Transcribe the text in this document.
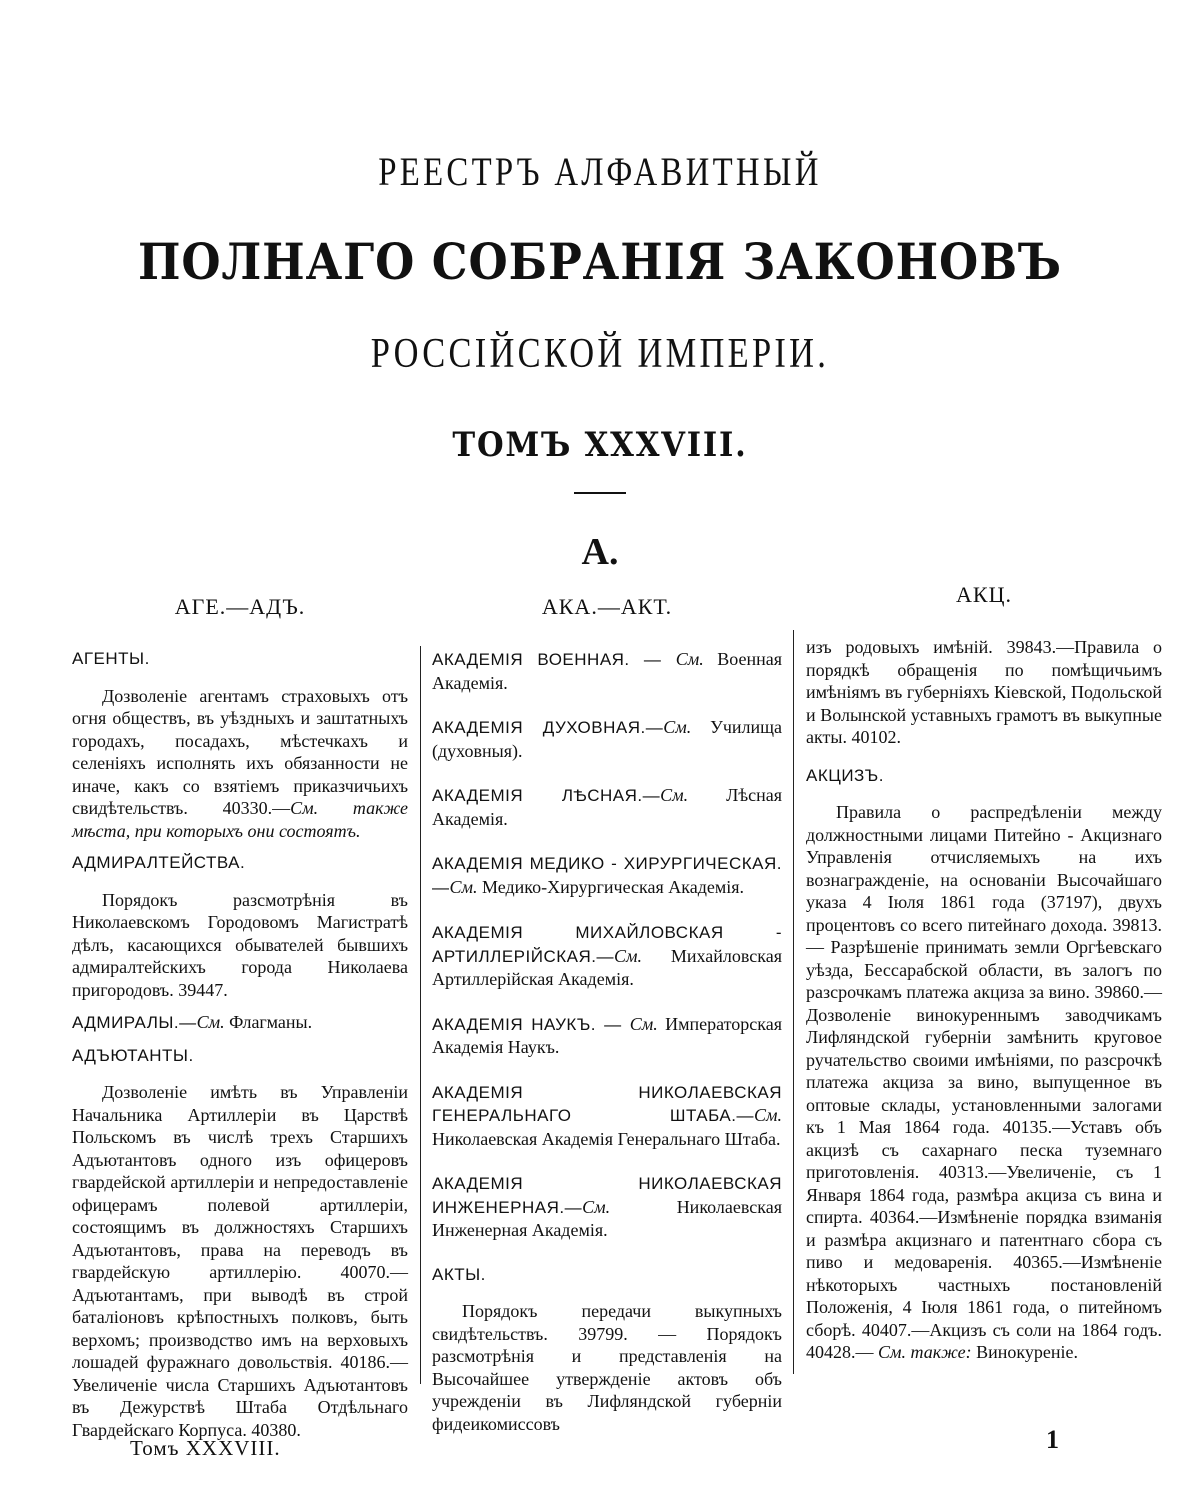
РЕЕСТРЪ АЛФАВИТНЫЙ
ПОЛНАГО СОБРАНІЯ ЗАКОНОВЪ
РОССІЙСКОЙ ИМПЕРІИ.
ТОМЪ XXXVIII.
А.
АГЕ.—АДЪ.	АКА.—АКТ.	АКЦ.
АГЕНТЫ.

Дозволеніе агентамъ страховыхъ отъ огня обществъ, въ уѣздныхъ и заштатныхъ городахъ, посадахъ, мѣстечкахъ и селеніяхъ исполнять ихъ обязанности не иначе, какъ со взятіемъ приказчичьихъ свидѣтельствъ. 40330.—См. также мѣста, при которыхъ они состоятъ.

АДМИРАЛТЕЙСТВА.

Порядокъ разсмотрѣнія въ Николаевскомъ Городовомъ Магистратѣ дѣлъ, касающихся обывателей бывшихъ адмиралтейскихъ города Николаева пригородовъ. 39447.

АДМИРАЛЫ.—См. Флагманы.

АДЪЮТАНТЫ.

Дозволеніе имѣть въ Управленіи Начальника Артиллеріи въ Царствѣ Польскомъ въ числѣ трехъ Старшихъ Адъютантовъ одного изъ офицеровъ гвардейской артиллеріи и непредоставленіе офицерамъ полевой артиллеріи, состоящимъ въ должностяхъ Старшихъ Адъютантовъ, права на переводъ въ гвардейскую артиллерію. 40070.—Адъютантамъ, при выводѣ въ строй баталіоновъ крѣпостныхъ полковъ, быть верхомъ; производство имъ на верховыхъ лошадей фуражнаго довольствія. 40186.—Увеличеніе числа Старшихъ Адъютантовъ въ Дежурствѣ Штаба Отдѣльнаго Гвардейскаго Корпуса. 40380.

АКАДЕМІЯ ВОЕННАЯ. — См. Военная Академія.
АКАДЕМІЯ ДУХОВНАЯ.—См. Училища (духовныя).
АКАДЕМІЯ ЛѢСНАЯ.—См. Лѣсная Академія.
АКАДЕМІЯ МЕДИКО - ХИРУРГИЧЕСКАЯ.—См. Медико-Хирургическая Академія.
АКАДЕМІЯ МИХАЙЛОВСКАЯ - АРТИЛЛЕРІЙСКАЯ.—См. Михайловская Артиллерійская Академія.
АКАДЕМІЯ НАУКЪ. — См. Императорская Академія Наукъ.
АКАДЕМІЯ НИКОЛАЕВСКАЯ ГЕНЕРАЛЬНАГО ШТАБА.—См. Николаевская Академія Генеральнаго Штаба.
АКАДЕМІЯ НИКОЛАЕВСКАЯ ИНЖЕНЕРНАЯ.—См. Николаевская Инженерная Академія.
АКТЫ.

Порядокъ передачи выкупныхъ свидѣтельствъ. 39799. — Порядокъ разсмотрѣнія и представленія на Высочайшее утвержденіе актовъ объ учрежденіи въ Лифляндской губерніи фидеикомиссовъ

изъ родовыхъ имѣній. 39843.—Правила о порядкѣ обращенія по помѣщичьимъ имѣніямъ въ губерніяхъ Кіевской, Подольской и Волынской уставныхъ грамотъ въ выкупные акты. 40102.

АКЦИЗЪ.

Правила о распредѣленіи между должностными лицами Питейно - Акцизнаго Управленія отчисляемыхъ на ихъ вознагражденіе, на основаніи Высочайшаго указа 4 Іюля 1861 года (37197), двухъ процентовъ со всего питейнаго дохода. 39813. — Разрѣшеніе принимать земли Оргѣевскаго уѣзда, Бессарабской области, въ залогъ по разсрочкамъ платежа акциза за вино. 39860.—Дозволеніе винокуреннымъ заводчикамъ Лифляндской губерніи замѣнить круговое ручательство своими имѣніями, по разсрочкѣ платежа акциза за вино, выпущенное въ оптовые склады, установленными залогами къ 1 Мая 1864 года. 40135.—Уставъ объ акцизѣ съ сахарнаго песка туземнаго приготовленія. 40313.—Увеличеніе, съ 1 Января 1864 года, размѣра акциза съ вина и спирта. 40364.—Измѣненіе порядка взиманія и размѣра акцизнаго и патентнаго сбора съ пиво и медоваренія. 40365.—Измѣненіе нѣкоторыхъ частныхъ постановленій Положенія, 4 Іюля 1861 года, о питейномъ сборѣ. 40407.—Акцизъ съ соли на 1864 годъ. 40428.— См. также: Винокуреніе.

Томъ XXXVIII.	1
